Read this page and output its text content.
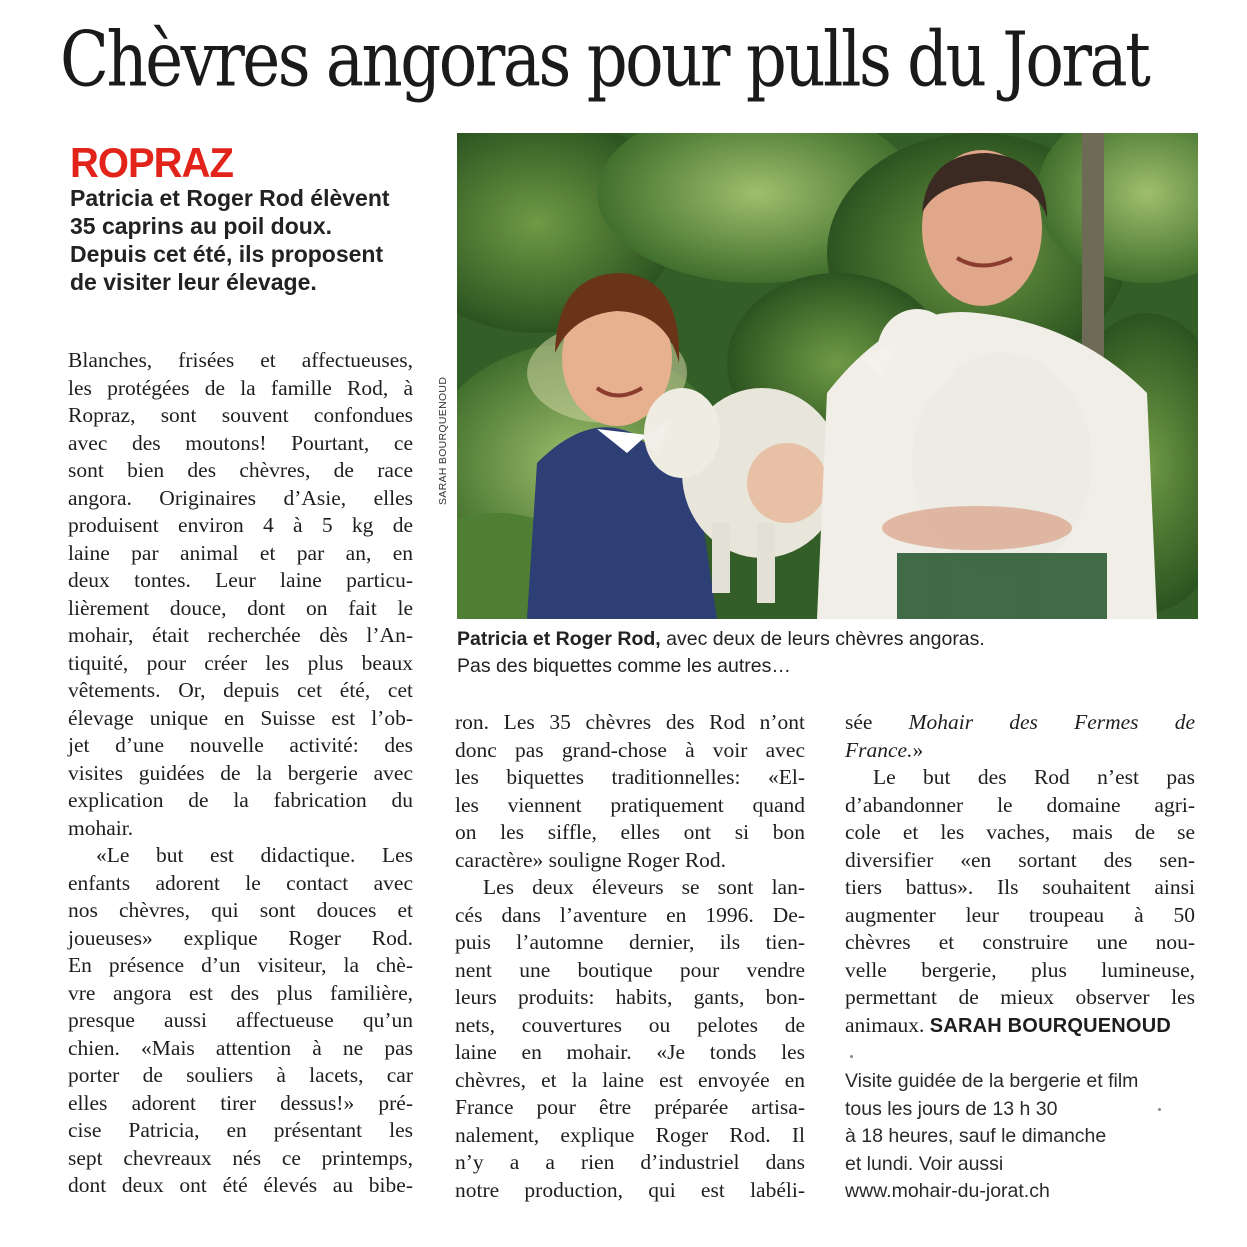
Chèvres angoras pour pulls du Jorat
ROPRAZ
Patricia et Roger Rod élèvent
35 caprins au poil doux.
Depuis cet été, ils proposent
de visiter leur élevage.
SARAH BOURQUENOUD
Patricia et Roger Rod, avec deux de leurs chèvres angoras.
Pas des biquettes comme les autres…
Blanches, frisées et affectueuses,
les protégées de la famille Rod, à
Ropraz, sont souvent confondues
avec des moutons! Pourtant, ce
sont bien des chèvres, de race
angora. Originaires d’Asie, elles
produisent environ 4 à 5 kg de
laine par animal et par an, en
deux tontes. Leur laine particu-
lièrement douce, dont on fait le
mohair, était recherchée dès l’An-
tiquité, pour créer les plus beaux
vêtements. Or, depuis cet été, cet
élevage unique en Suisse est l’ob-
jet d’une nouvelle activité: des
visites guidées de la bergerie avec
explication de la fabrication du
mohair.
«Le but est didactique. Les
enfants adorent le contact avec
nos chèvres, qui sont douces et
joueuses» explique Roger Rod.
En présence d’un visiteur, la chè-
vre angora est des plus familière,
presque aussi affectueuse qu’un
chien. «Mais attention à ne pas
porter de souliers à lacets, car
elles adorent tirer dessus!» pré-
cise Patricia, en présentant les
sept chevreaux nés ce printemps,
dont deux ont été élevés au bibe-
ron. Les 35 chèvres des Rod n’ont
donc pas grand-chose à voir avec
les biquettes traditionnelles: «El-
les viennent pratiquement quand
on les siffle, elles ont si bon
caractère» souligne Roger Rod.
Les deux éleveurs se sont lan-
cés dans l’aventure en 1996. De-
puis l’automne dernier, ils tien-
nent une boutique pour vendre
leurs produits: habits, gants, bon-
nets, couvertures ou pelotes de
laine en mohair. «Je tonds les
chèvres, et la laine est envoyée en
France pour être préparée artisa-
nalement, explique Roger Rod. Il
n’y a a rien d’industriel dans
notre production, qui est labéli-
sée Mohair des Fermes de
France.»
Le but des Rod n’est pas
d’abandonner le domaine agri-
cole et les vaches, mais de se
diversifier «en sortant des sen-
tiers battus». Ils souhaitent ainsi
augmenter leur troupeau à 50
chèvres et construire une nou-
velle bergerie, plus lumineuse,
permettant de mieux observer les
animaux. SARAH BOURQUENOUD
Visite guidée de la bergerie et film
tous les jours de 13 h 30
à 18 heures, sauf le dimanche
et lundi. Voir aussi
www.mohair-du-jorat.ch
